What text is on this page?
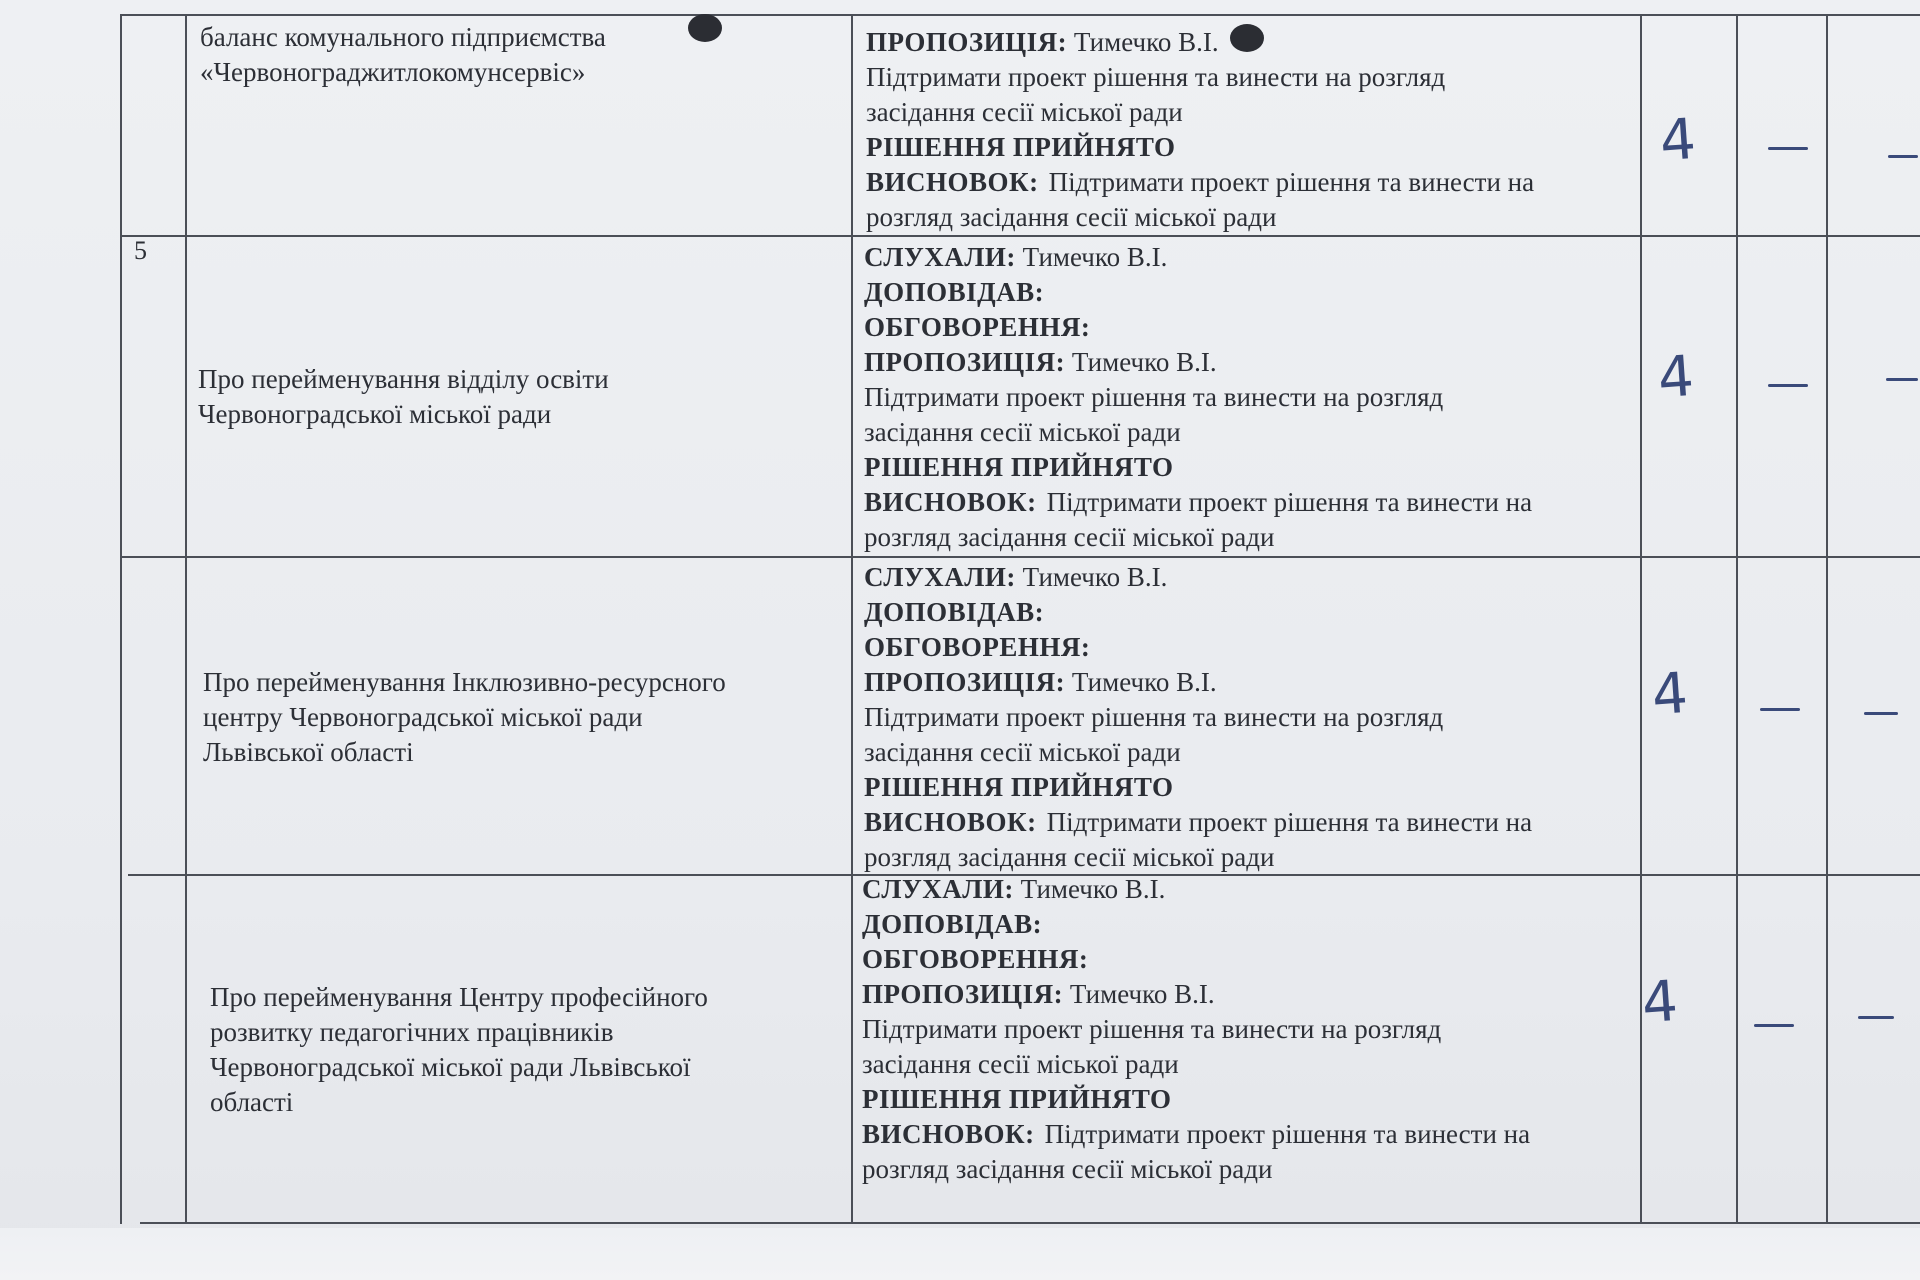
баланс комунального підприємства
«Червонограджитлокомунсервіс»
ПРОПОЗИЦІЯ: Тимечко В.І.
Підтримати проект рішення та винести на розгляд
засідання сесії міської ради
РІШЕННЯ ПРИЙНЯТО
ВИСНОВОК: Підтримати проект рішення та винести на
розгляд засідання сесії міської ради
4
5
Про перейменування відділу освіти
Червоноградської міської ради
СЛУХАЛИ: Тимечко В.І.
ДОПОВІДАВ:
ОБГОВОРЕННЯ:
ПРОПОЗИЦІЯ: Тимечко В.І.
Підтримати проект рішення та винести на розгляд
засідання сесії міської ради
РІШЕННЯ ПРИЙНЯТО
ВИСНОВОК: Підтримати проект рішення та винести на
розгляд засідання сесії міської ради
4
Про перейменування Інклюзивно-ресурсного
центру Червоноградської міської ради
Львівської області
СЛУХАЛИ: Тимечко В.І.
ДОПОВІДАВ:
ОБГОВОРЕННЯ:
ПРОПОЗИЦІЯ: Тимечко В.І.
Підтримати проект рішення та винести на розгляд
засідання сесії міської ради
РІШЕННЯ ПРИЙНЯТО
ВИСНОВОК: Підтримати проект рішення та винести на
розгляд засідання сесії міської ради
4
Про перейменування Центру професійного
розвитку педагогічних працівників
Червоноградської міської ради Львівської
області
СЛУХАЛИ: Тимечко В.І.
ДОПОВІДАВ:
ОБГОВОРЕННЯ:
ПРОПОЗИЦІЯ: Тимечко В.І.
Підтримати проект рішення та винести на розгляд
засідання сесії міської ради
РІШЕННЯ ПРИЙНЯТО
ВИСНОВОК: Підтримати проект рішення та винести на
розгляд засідання сесії міської ради
4
